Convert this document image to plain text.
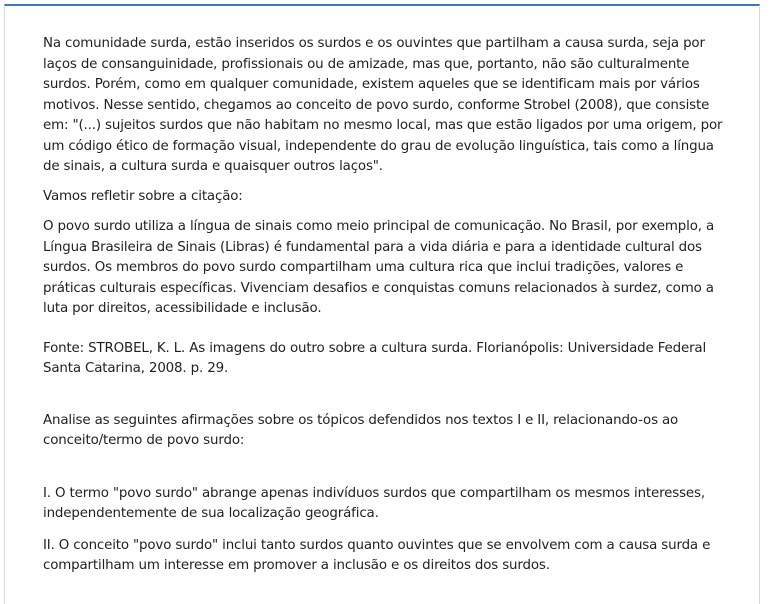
Na comunidade surda, estão inseridos os surdos e os ouvintes que partilham a causa surda, seja por laços de consanguinidade, profissionais ou de amizade, mas que, portanto, não são culturalmente surdos. Porém, como em qualquer comunidade, existem aqueles que se identificam mais por vários motivos. Nesse sentido, chegamos ao conceito de povo surdo, conforme Strobel (2008), que consiste em: "(...) sujeitos surdos que não habitam no mesmo local, mas que estão ligados por uma origem, por um código ético de formação visual, independente do grau de evolução linguística, tais como a língua de sinais, a cultura surda e quaisquer outros laços".

Vamos refletir sobre a citação:

O povo surdo utiliza a língua de sinais como meio principal de comunicação. No Brasil, por exemplo, a Língua Brasileira de Sinais (Libras) é fundamental para a vida diária e para a identidade cultural dos surdos. Os membros do povo surdo compartilham uma cultura rica que inclui tradições, valores e práticas culturais específicas. Vivenciam desafios e conquistas comuns relacionados à surdez, como a luta por direitos, acessibilidade e inclusão.

Fonte: STROBEL, K. L. As imagens do outro sobre a cultura surda. Florianópolis: Universidade Federal Santa Catarina, 2008. p. 29.

Analise as seguintes afirmações sobre os tópicos defendidos nos textos I e II, relacionando-os ao conceito/termo de povo surdo:

I. O termo "povo surdo" abrange apenas indivíduos surdos que compartilham os mesmos interesses, independentemente de sua localização geográfica.

II. O conceito "povo surdo" inclui tanto surdos quanto ouvintes que se envolvem com a causa surda e compartilham um interesse em promover a inclusão e os direitos dos surdos.
